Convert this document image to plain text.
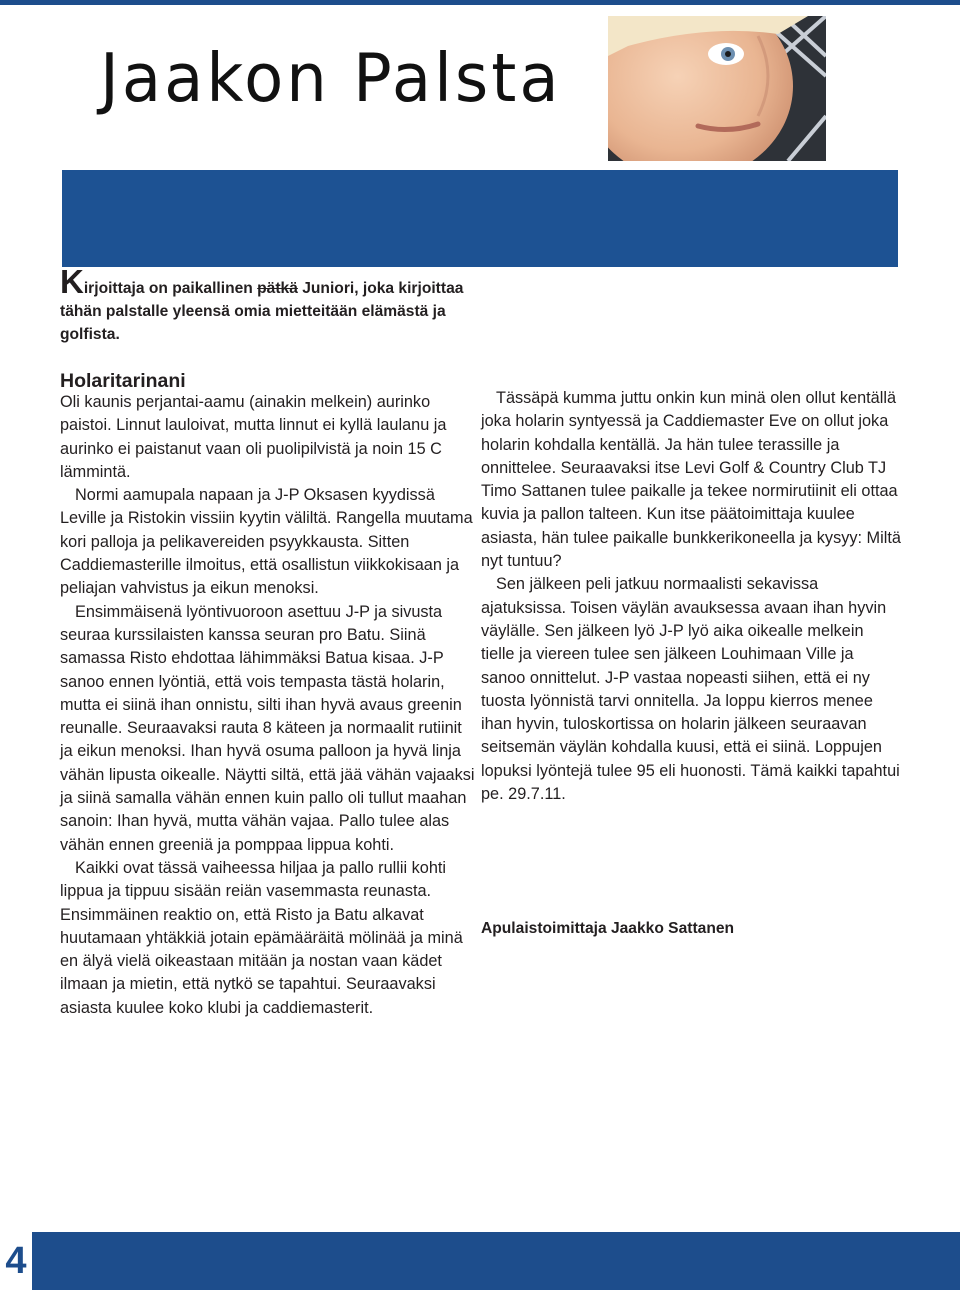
Jaakon Palsta

Kirjoittaja on paikallinen pätkä Juniori, joka kirjoittaa tähän palstalle yleensä omia mietteitään elämästä ja golfista.

Holaritarinani

Oli kaunis perjantai-aamu (ainakin melkein) aurinko paistoi. Linnut lauloivat, mutta linnut ei kyllä laulanu ja aurinko ei paistanut vaan oli puolipilvistä ja noin 15 C lämmintä.

Normi aamupala napaan ja J-P Oksasen kyydissä Leville ja Ristokin vissiin kyytin väliltä. Rangella muutama kori palloja ja pelikavereiden psyykkausta. Sitten Caddiemasterille ilmoitus, että osallistun viikkokisaan ja peliajan vahvistus ja eikun menoksi.

Ensimmäisenä lyöntivuoroon asettuu J-P ja sivusta seuraa kurssilaisten kanssa seuran pro Batu. Siinä samassa Risto ehdottaa lähimmäksi Batua kisaa. J-P sanoo ennen lyöntiä, että vois tempasta tästä holarin, mutta ei siinä ihan onnistu, silti ihan hyvä avaus greenin reunalle. Seuraavaksi rauta 8 käteen ja normaalit rutiinit ja eikun menoksi. Ihan hyvä osuma palloon ja hyvä linja vähän lipusta oikealle. Näytti siltä, että jää vähän vajaaksi ja siinä samalla vähän ennen kuin pallo oli tullut maahan sanoin: Ihan hyvä, mutta vähän vajaa. Pallo tulee alas vähän ennen greeniä ja pomppaa lippua kohti.

Kaikki ovat tässä vaiheessa hiljaa ja pallo rullii kohti lippua ja tippuu sisään reiän vasemmasta reunasta. Ensimmäinen reaktio on, että Risto ja Batu alkavat huutamaan yhtäkkiä jotain epämääräitä mölinää ja minä en älyä vielä oikeastaan mitään ja nostan vaan kädet ilmaan ja mietin, että nytkö se tapahtui. Seuraavaksi asiasta kuulee koko klubi ja caddiemasterit.

Tässäpä kumma juttu onkin kun minä olen ollut kentällä joka holarin syntyessä ja Caddiemaster Eve on ollut joka holarin kohdalla kentällä. Ja hän tulee terassille ja onnittelee. Seuraavaksi itse Levi Golf & Country Club TJ Timo Sattanen tulee paikalle ja tekee normirutiinit eli ottaa kuvia ja pallon talteen. Kun itse päätoimittaja kuulee asiasta, hän tulee paikalle bunkkerikoneella ja kysyy: Miltä nyt tuntuu?

Sen jälkeen peli jatkuu normaalisti sekavissa ajatuksissa. Toisen väylän avauksessa avaan ihan hyvin väylälle. Sen jälkeen lyö J-P lyö aika oikealle melkein tielle ja viereen tulee sen jälkeen Louhimaan Ville ja sanoo onnittelut. J-P vastaa nopeasti siihen, että ei ny tuosta lyönnistä tarvi onnitella. Ja loppu kierros menee ihan hyvin, tuloskortissa on holarin jälkeen seuraavan seitsemän väylän kohdalla kuusi, että ei siinä. Loppujen lopuksi lyöntejä tulee 95 eli huonosti. Tämä kaikki tapahtui pe. 29.7.11.

Apulaistoimittaja Jaakko Sattanen

4
